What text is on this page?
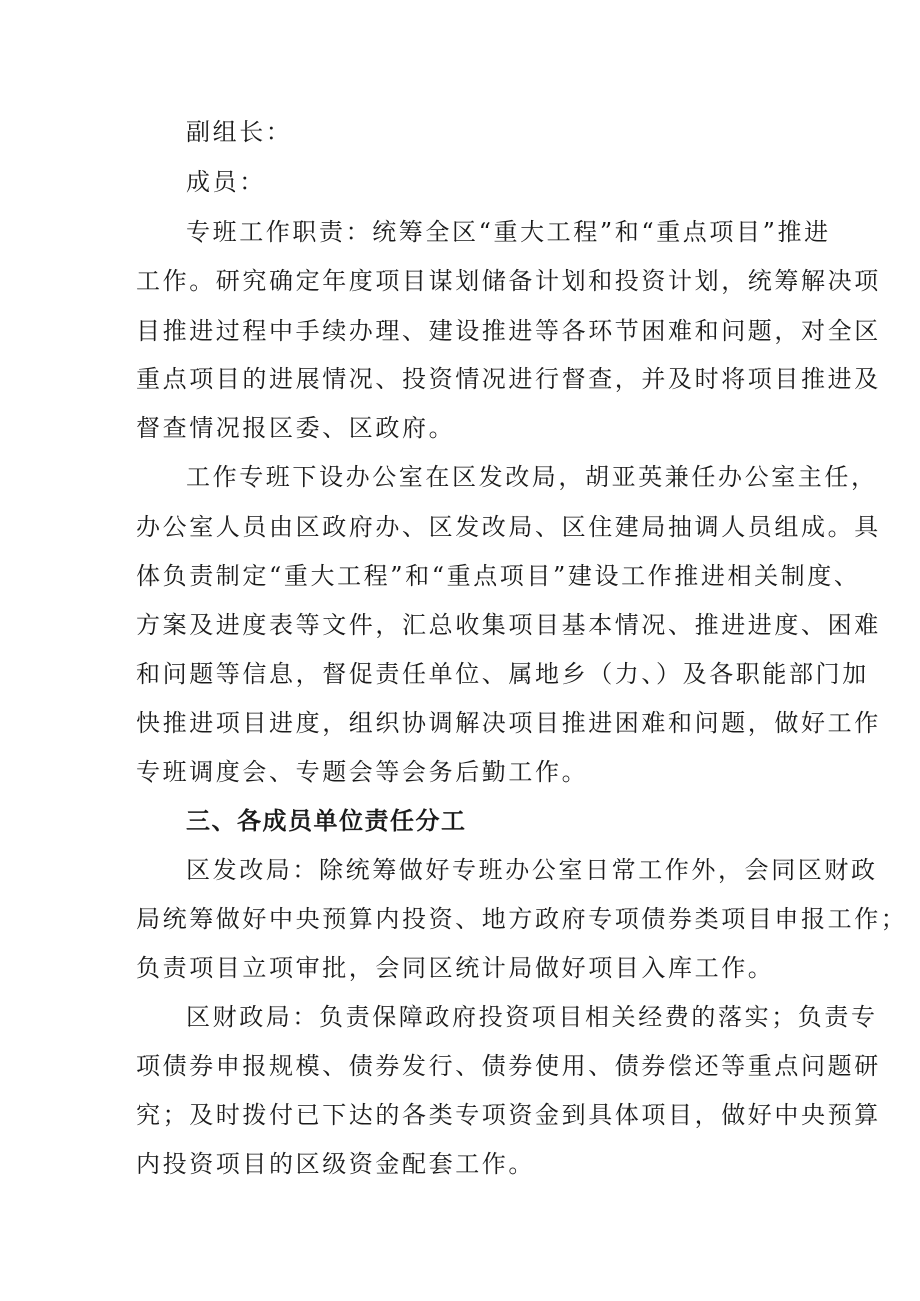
副组长：
成员：
专班工作职责：统筹全区“重大工程”和“重点项目”推进
工作。研究确定年度项目谋划储备计划和投资计划，统筹解决项
目推进过程中手续办理、建设推进等各环节困难和问题，对全区
重点项目的进展情况、投资情况进行督查，并及时将项目推进及
督查情况报区委、区政府。
工作专班下设办公室在区发改局，胡亚英兼任办公室主任，
办公室人员由区政府办、区发改局、区住建局抽调人员组成。具
体负责制定“重大工程”和“重点项目”建设工作推进相关制度、
方案及进度表等文件，汇总收集项目基本情况、推进进度、困难
和问题等信息，督促责任单位、属地乡（力、）及各职能部门加
快推进项目进度，组织协调解决项目推进困难和问题，做好工作
专班调度会、专题会等会务后勤工作。
三、各成员单位责任分工
区发改局：除统筹做好专班办公室日常工作外，会同区财政
局统筹做好中央预算内投资、地方政府专项债券类项目申报工作；
负责项目立项审批，会同区统计局做好项目入库工作。
区财政局：负责保障政府投资项目相关经费的落实；负责专
项债券申报规模、债券发行、债券使用、债券偿还等重点问题研
究；及时拨付已下达的各类专项资金到具体项目，做好中央预算
内投资项目的区级资金配套工作。
